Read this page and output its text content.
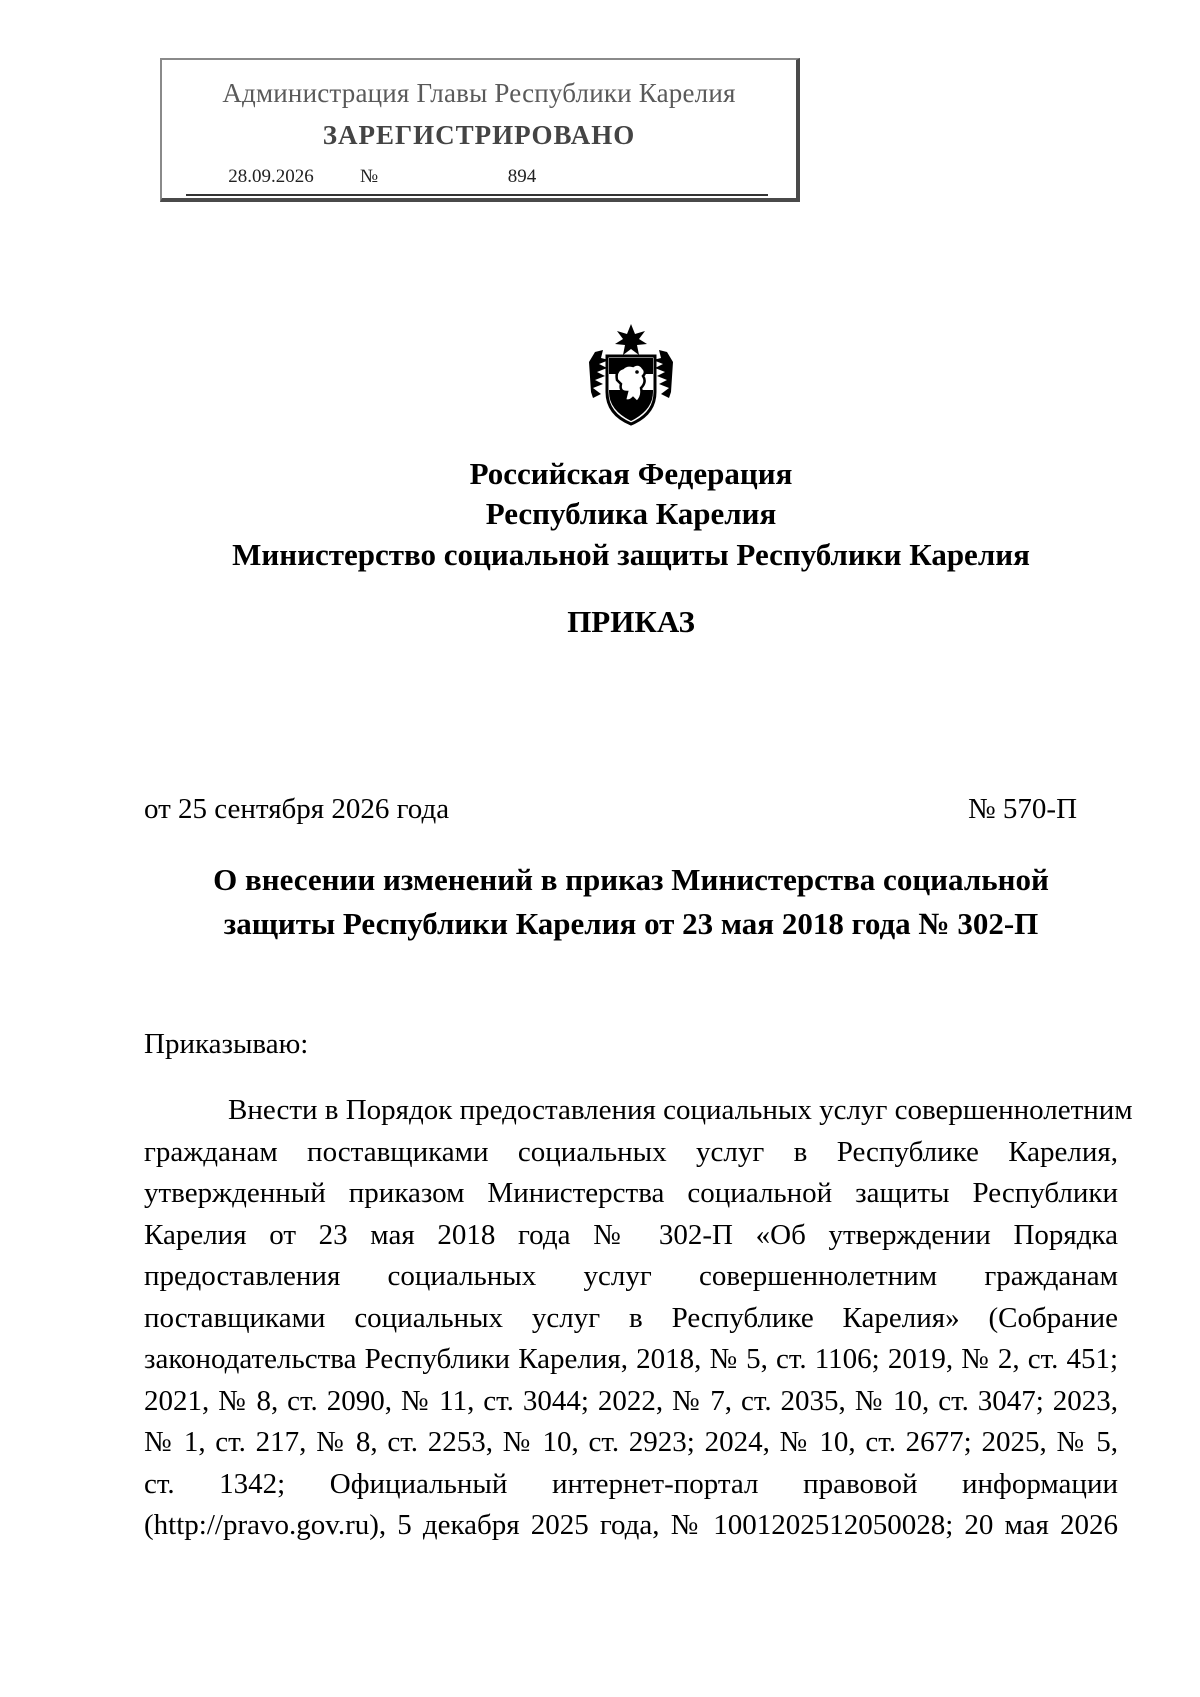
Администрация Главы Республики Карелия
ЗАРЕГИСТРИРОВАНО
28.09.2026	№	894
Российская Федерация
Республика Карелия
Министерство социальной защиты Республики Карелия
ПРИКАЗ
от 25 сентября 2026 года	№ 570-П
О внесении изменений в приказ Министерства социальной
защиты Республики Карелия от 23 мая 2018 года № 302-П
Приказываю:
Внести в Порядок предоставления социальных услуг совершеннолетним
гражданам поставщиками социальных услуг в Республике Карелия,
утвержденный приказом Министерства социальной защиты Республики
Карелия от 23 мая 2018 года № 302-П «Об утверждении Порядка
предоставления социальных услуг совершеннолетним гражданам
поставщиками социальных услуг в Республике Карелия» (Собрание
законодательства Республики Карелия, 2018, № 5, ст. 1106; 2019, № 2, ст. 451;
2021, № 8, ст. 2090, № 11, ст. 3044; 2022, № 7, ст. 2035, № 10, ст. 3047; 2023,
№ 1, ст. 217, № 8, ст. 2253, № 10, ст. 2923; 2024, № 10, ст. 2677; 2025, № 5,
ст. 1342; Официальный интернет-портал правовой информации
(http://pravo.gov.ru), 5 декабря 2025 года, № 1001202512050028; 20 мая 2026
